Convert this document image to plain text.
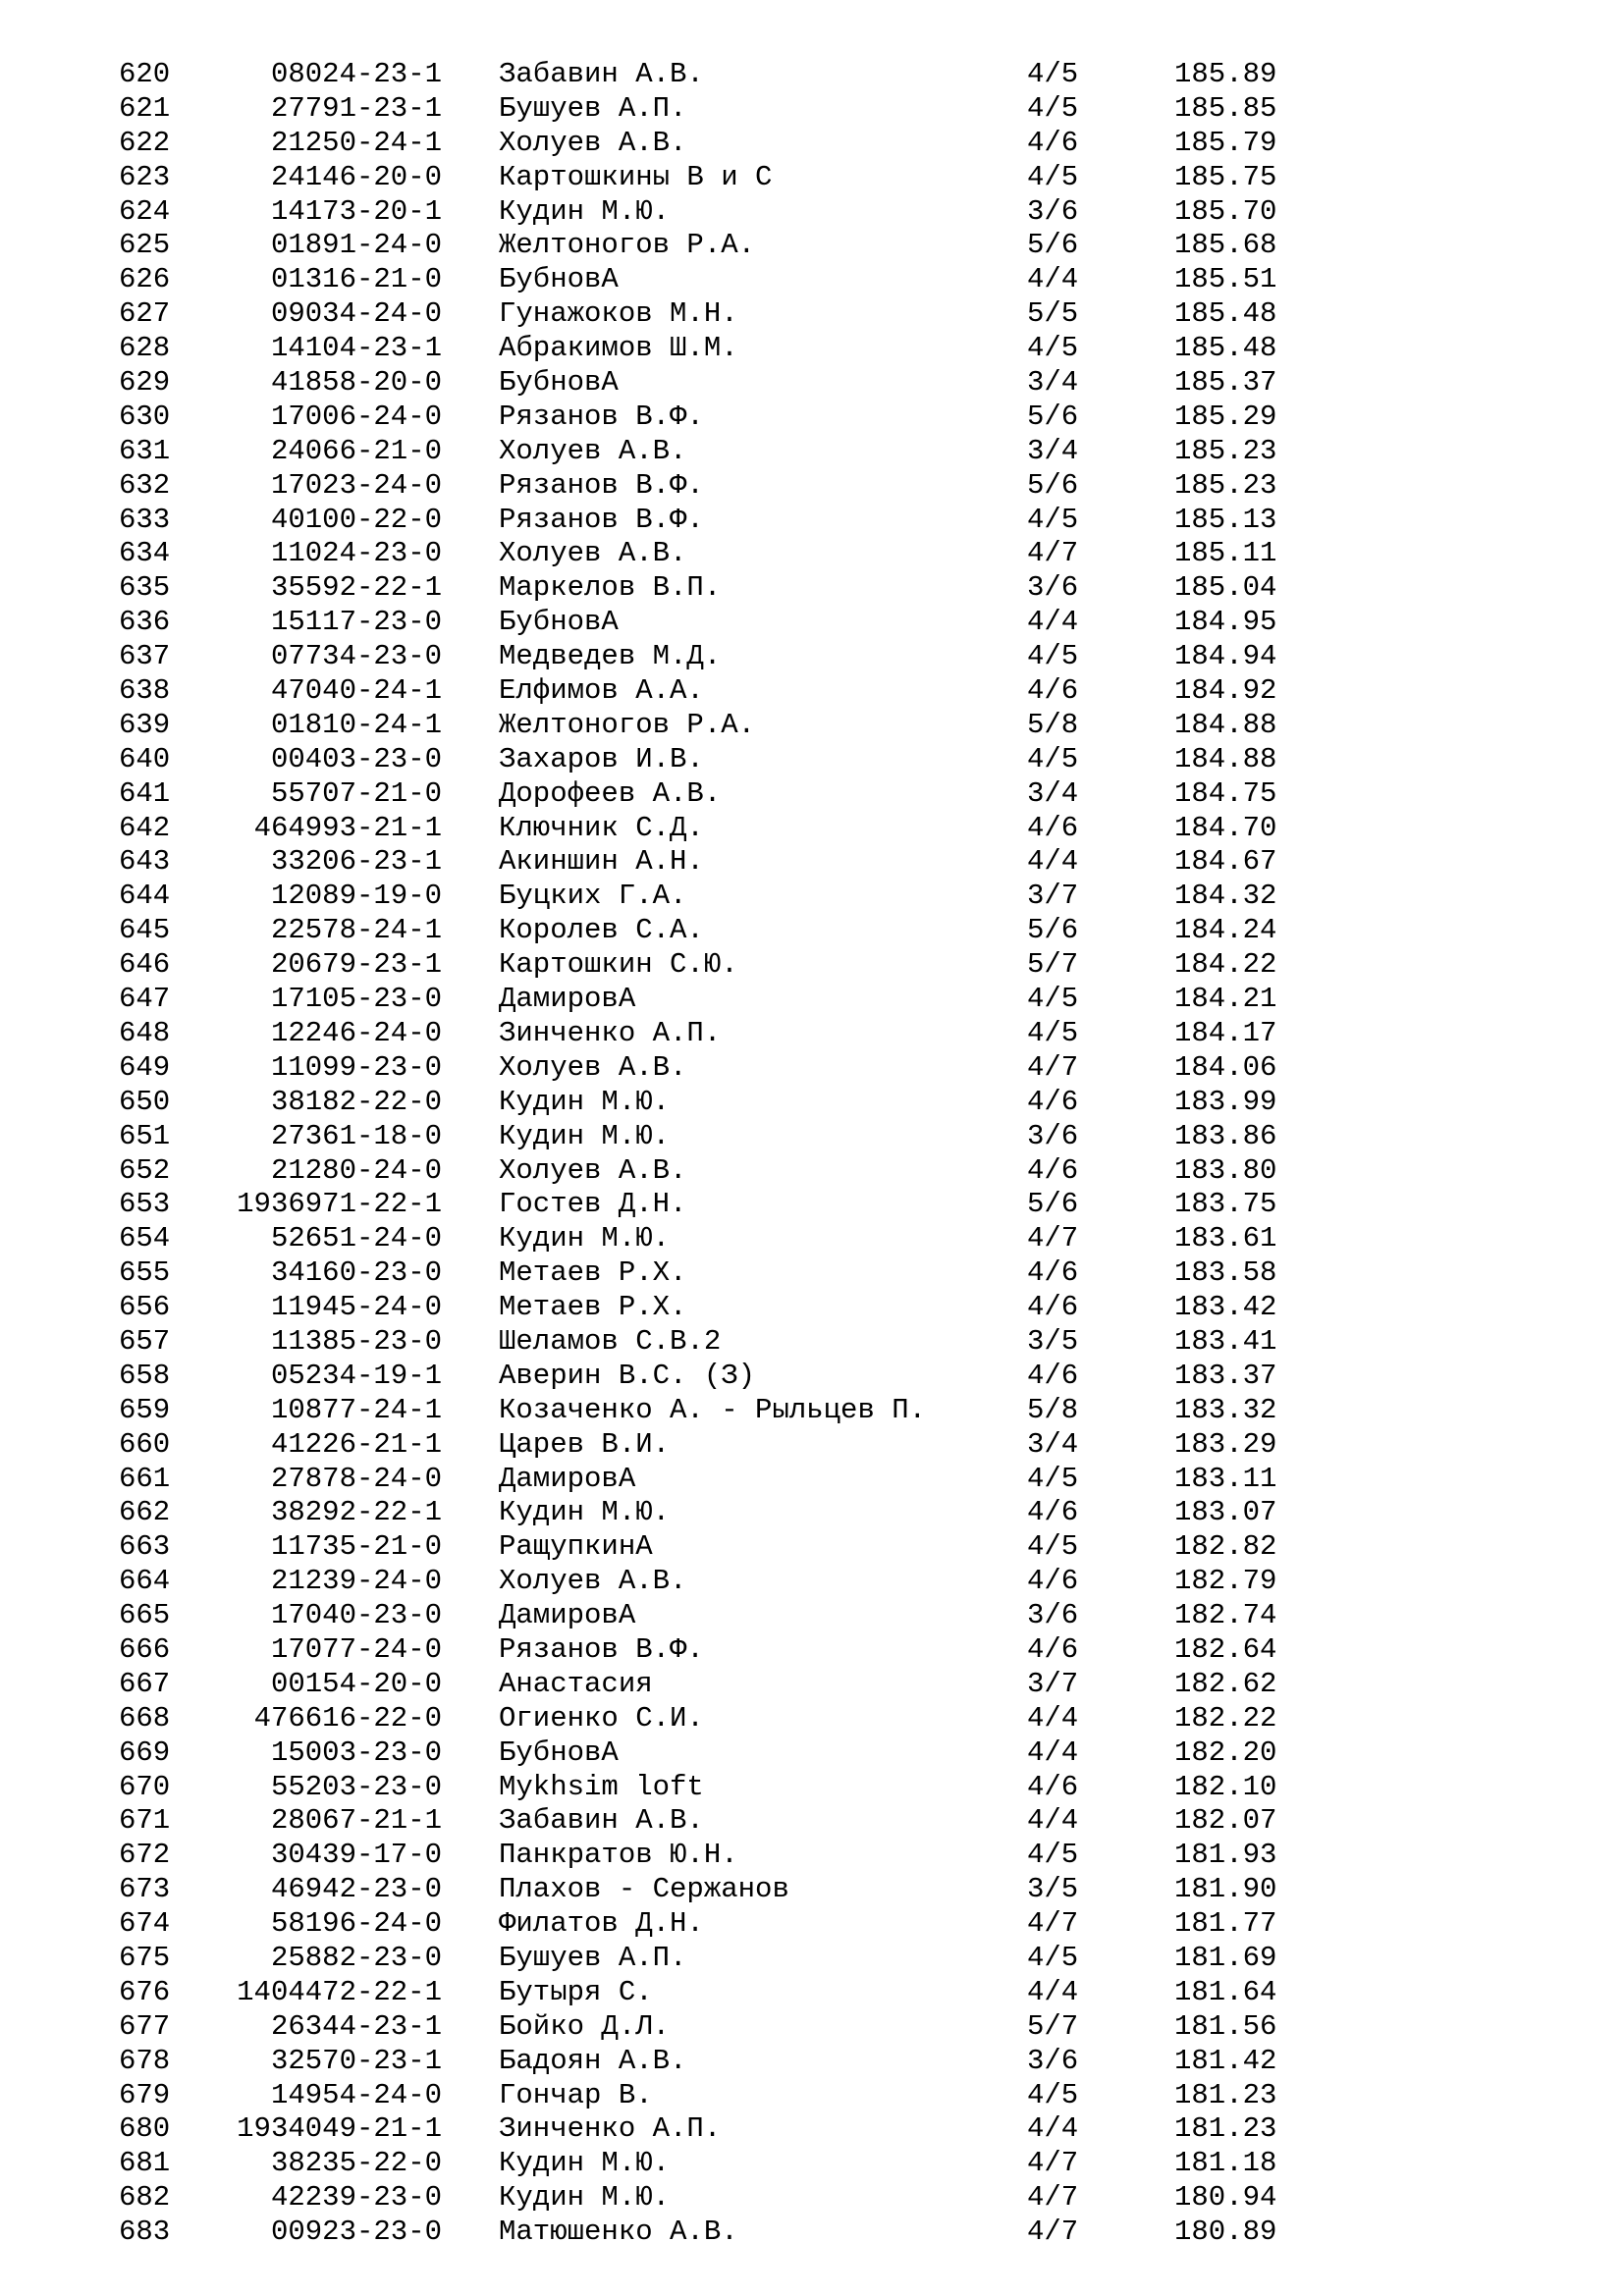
620	08024-23-1 Забавин А.В.	4/5	185.89
621	27791-23-1 Бушуев А.П.	4/5	185.85
622	21250-24-1 Холуев А.В.	4/6	185.79
623	24146-20-0 Картошкины В и С	4/5	185.75
624	14173-20-1 Кудин М.Ю.	3/6	185.70
625	01891-24-0 Желтоногов Р.А.	5/6	185.68
626	01316-21-0 БубновА	4/4	185.51
627	09034-24-0 Гунажоков М.Н.	5/5	185.48
628	14104-23-1 Абракимов Ш.М.	4/5	185.48
629	41858-20-0 БубновА	3/4	185.37
630	17006-24-0 Рязанов В.Ф.	5/6	185.29
631	24066-21-0 Холуев А.В.	3/4	185.23
632	17023-24-0 Рязанов В.Ф.	5/6	185.23
633	40100-22-0 Рязанов В.Ф.	4/5	185.13
634	11024-23-0 Холуев А.В.	4/7	185.11
635	35592-22-1 Маркелов В.П.	3/6	185.04
636	15117-23-0 БубновА	4/4	184.95
637	07734-23-0 Медведев М.Д.	4/5	184.94
638	47040-24-1 Елфимов А.А.	4/6	184.92
639	01810-24-1 Желтоногов Р.А.	5/8	184.88
640	00403-23-0 Захаров И.В.	4/5	184.88
641	55707-21-0 Дорофеев А.В.	3/4	184.75
642	464993-21-1 Ключник С.Д.	4/6	184.70
643	33206-23-1 Акиншин А.Н.	4/4	184.67
644	12089-19-0 Буцких Г.А.	3/7	184.32
645	22578-24-1 Королев С.А.	5/6	184.24
646	20679-23-1 Картошкин С.Ю.	5/7	184.22
647	17105-23-0 ДамировА	4/5	184.21
648	12246-24-0 Зинченко А.П.	4/5	184.17
649	11099-23-0 Холуев А.В.	4/7	184.06
650	38182-22-0 Кудин М.Ю.	4/6	183.99
651	27361-18-0 Кудин М.Ю.	3/6	183.86
652	21280-24-0 Холуев А.В.	4/6	183.80
653 1936971-22-1 Гостев Д.Н.	5/6	183.75
654	52651-24-0 Кудин М.Ю.	4/7	183.61
655	34160-23-0 Метаев Р.Х.	4/6	183.58
656	11945-24-0 Метаев Р.Х.	4/6	183.42
657	11385-23-0 Шеламов С.В.2	3/5	183.41
658	05234-19-1 Аверин В.С. (З)	4/6	183.37
659	10877-24-1 Козаченко А. - Рыльцев П.	5/8	183.32
660	41226-21-1 Царев В.И.	3/4	183.29
661	27878-24-0 ДамировА	4/5	183.11
662	38292-22-1 Кудин М.Ю.	4/6	183.07
663	11735-21-0 РащупкинА	4/5	182.82
664	21239-24-0 Холуев А.В.	4/6	182.79
665	17040-23-0 ДамировА	3/6	182.74
666	17077-24-0 Рязанов В.Ф.	4/6	182.64
667	00154-20-0 Анастасия	3/7	182.62
668	476616-22-0 Огиенко С.И.	4/4	182.22
669	15003-23-0 БубновА	4/4	182.20
670	55203-23-0 Mykhsim loft	4/6	182.10
671	28067-21-1 Забавин А.В.	4/4	182.07
672	30439-17-0 Панкратов Ю.Н.	4/5	181.93
673	46942-23-0 Плахов - Сержанов	3/5	181.90
674	58196-24-0 Филатов Д.Н.	4/7	181.77
675	25882-23-0 Бушуев А.П.	4/5	181.69
676 1404472-22-1 Бутыря С.	4/4	181.64
677	26344-23-1 Бойко Д.Л.	5/7	181.56
678	32570-23-1 Бадоян А.В.	3/6	181.42
679	14954-24-0 Гончар В.	4/5	181.23
680 1934049-21-1 Зинченко А.П.	4/4	181.23
681	38235-22-0 Кудин М.Ю.	4/7	181.18
682	42239-23-0 Кудин М.Ю.	4/7	180.94
683	00923-23-0 Матюшенко А.В.	4/7	180.89
